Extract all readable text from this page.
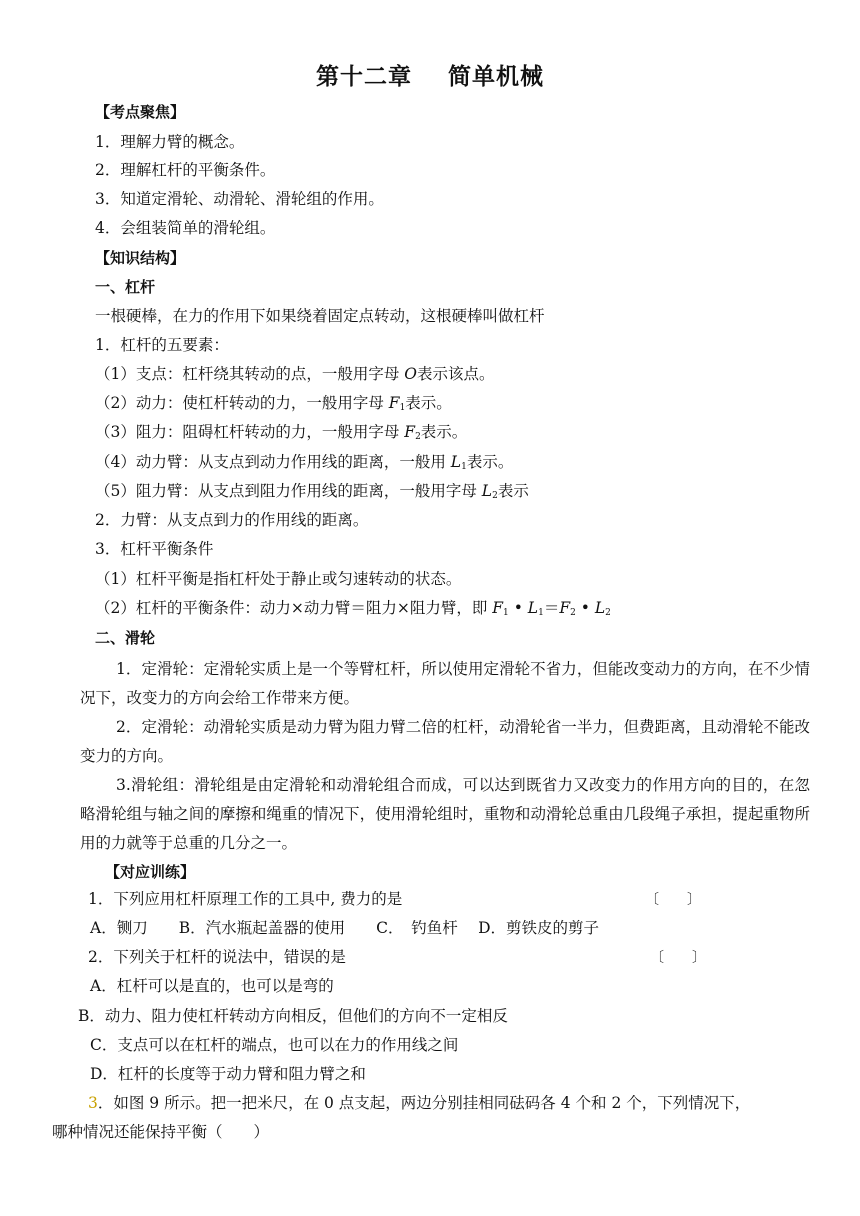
第十二章 简单机械
【考点聚焦】
1．理解力臂的概念。
2．理解杠杆的平衡条件。
3．知道定滑轮、动滑轮、滑轮组的作用。
4．会组装简单的滑轮组。
【知识结构】
一、杠杆
一根硬棒，在力的作用下如果绕着固定点转动，这根硬棒叫做杠杆
1．杠杆的五要素：
（1）支点：杠杆绕其转动的点，一般用字母 O表示该点。
（2）动力：使杠杆转动的力，一般用字母 $F_1$表示。
（3）阻力：阻碍杠杆转动的力，一般用字母 $F_2$表示。
（4）动力臂：从支点到动力作用线的距离，一般用 $L_1$表示。
（5）阻力臂：从支点到阻力作用线的距离，一般用字母 $L_2$表示
2．力臂：从支点到力的作用线的距离。
3．杠杆平衡条件
（1）杠杆平衡是指杠杆处于静止或匀速转动的状态。
（2）杠杆的平衡条件：动力×动力臂＝阻力×阻力臂，即 $F_1$ • $L_1=F_2$ • $L_2$
二、滑轮
1．定滑轮：定滑轮实质上是一个等臂杠杆，所以使用定滑轮不省力，但能改变动力的方向，在不少情况下，改变力的方向会给工作带来方便。
2．定滑轮：动滑轮实质是动力臂为阻力臂二倍的杠杆，动滑轮省一半力，但费距离，且动滑轮不能改变力的方向。
3.滑轮组：滑轮组是由定滑轮和动滑轮组合而成，可以达到既省力又改变力的作用方向的目的，在忽略滑轮组与轴之间的摩擦和绳重的情况下，使用滑轮组时，重物和动滑轮总重由几段绳子承担，提起重物所用的力就等于总重的几分之一。
【对应训练】
1．下列应用杠杆原理工作的工具中, 费力的是	〔　　〕
A．铡刀　　B．汽水瓶起盖器的使用　　C．　钓鱼杆　 D．剪铁皮的剪子
2．下列关于杠杆的说法中，错误的是	〔　　〕
A．杠杆可以是直的，也可以是弯的
B．动力、阻力使杠杆转动方向相反，但他们的方向不一定相反
C．支点可以在杠杆的端点，也可以在力的作用线之间
D．杠杆的长度等于动力臂和阻力臂之和
3．如图 9 所示。把一把米尺，在 0 点支起，两边分别挂相同砝码各 4 个和 2 个，下列情况下，
哪种情况还能保持平衡（　　）
